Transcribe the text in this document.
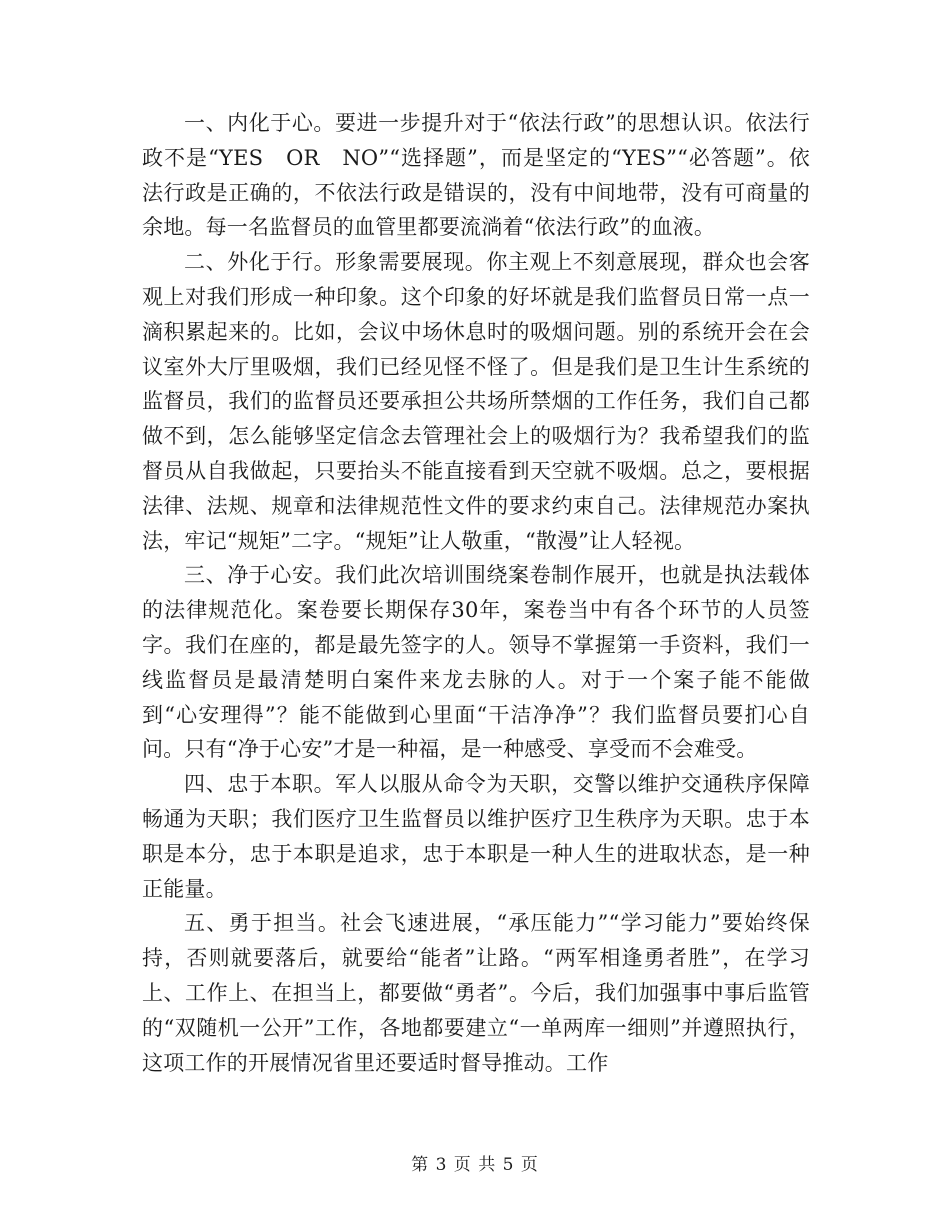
一、内化于心。要进一步提升对于“依法行政”的思想认识。依法行政不是“YES　OR　NO”“选择题”，而是坚定的“YES”“必答题”。依法行政是正确的，不依法行政是错误的，没有中间地带，没有可商量的余地。每一名监督员的血管里都要流淌着“依法行政”的血液。

二、外化于行。形象需要展现。你主观上不刻意展现，群众也会客观上对我们形成一种印象。这个印象的好坏就是我们监督员日常一点一滴积累起来的。比如，会议中场休息时的吸烟问题。别的系统开会在会议室外大厅里吸烟，我们已经见怪不怪了。但是我们是卫生计生系统的监督员，我们的监督员还要承担公共场所禁烟的工作任务，我们自己都做不到，怎么能够坚定信念去管理社会上的吸烟行为？我希望我们的监督员从自我做起，只要抬头不能直接看到天空就不吸烟。总之，要根据法律、法规、规章和法律规范性文件的要求约束自己。法律规范办案执法，牢记“规矩”二字。“规矩”让人敬重，“散漫”让人轻视。

三、净于心安。我们此次培训围绕案卷制作展开，也就是执法载体的法律规范化。案卷要长期保存30年，案卷当中有各个环节的人员签字。我们在座的，都是最先签字的人。领导不掌握第一手资料，我们一线监督员是最清楚明白案件来龙去脉的人。对于一个案子能不能做到“心安理得”？能不能做到心里面“干洁净净”？我们监督员要扪心自问。只有“净于心安”才是一种福，是一种感受、享受而不会难受。

四、忠于本职。军人以服从命令为天职，交警以维护交通秩序保障畅通为天职；我们医疗卫生监督员以维护医疗卫生秩序为天职。忠于本职是本分，忠于本职是追求，忠于本职是一种人生的进取状态，是一种正能量。

五、勇于担当。社会飞速进展，“承压能力”“学习能力”要始终保持，否则就要落后，就要给“能者”让路。“两军相逢勇者胜”，在学习上、工作上、在担当上，都要做“勇者”。今后，我们加强事中事后监管的“双随机一公开”工作，各地都要建立“一单两库一细则”并遵照执行，这项工作的开展情况省里还要适时督导推动。工作

第 3 页 共 5 页
